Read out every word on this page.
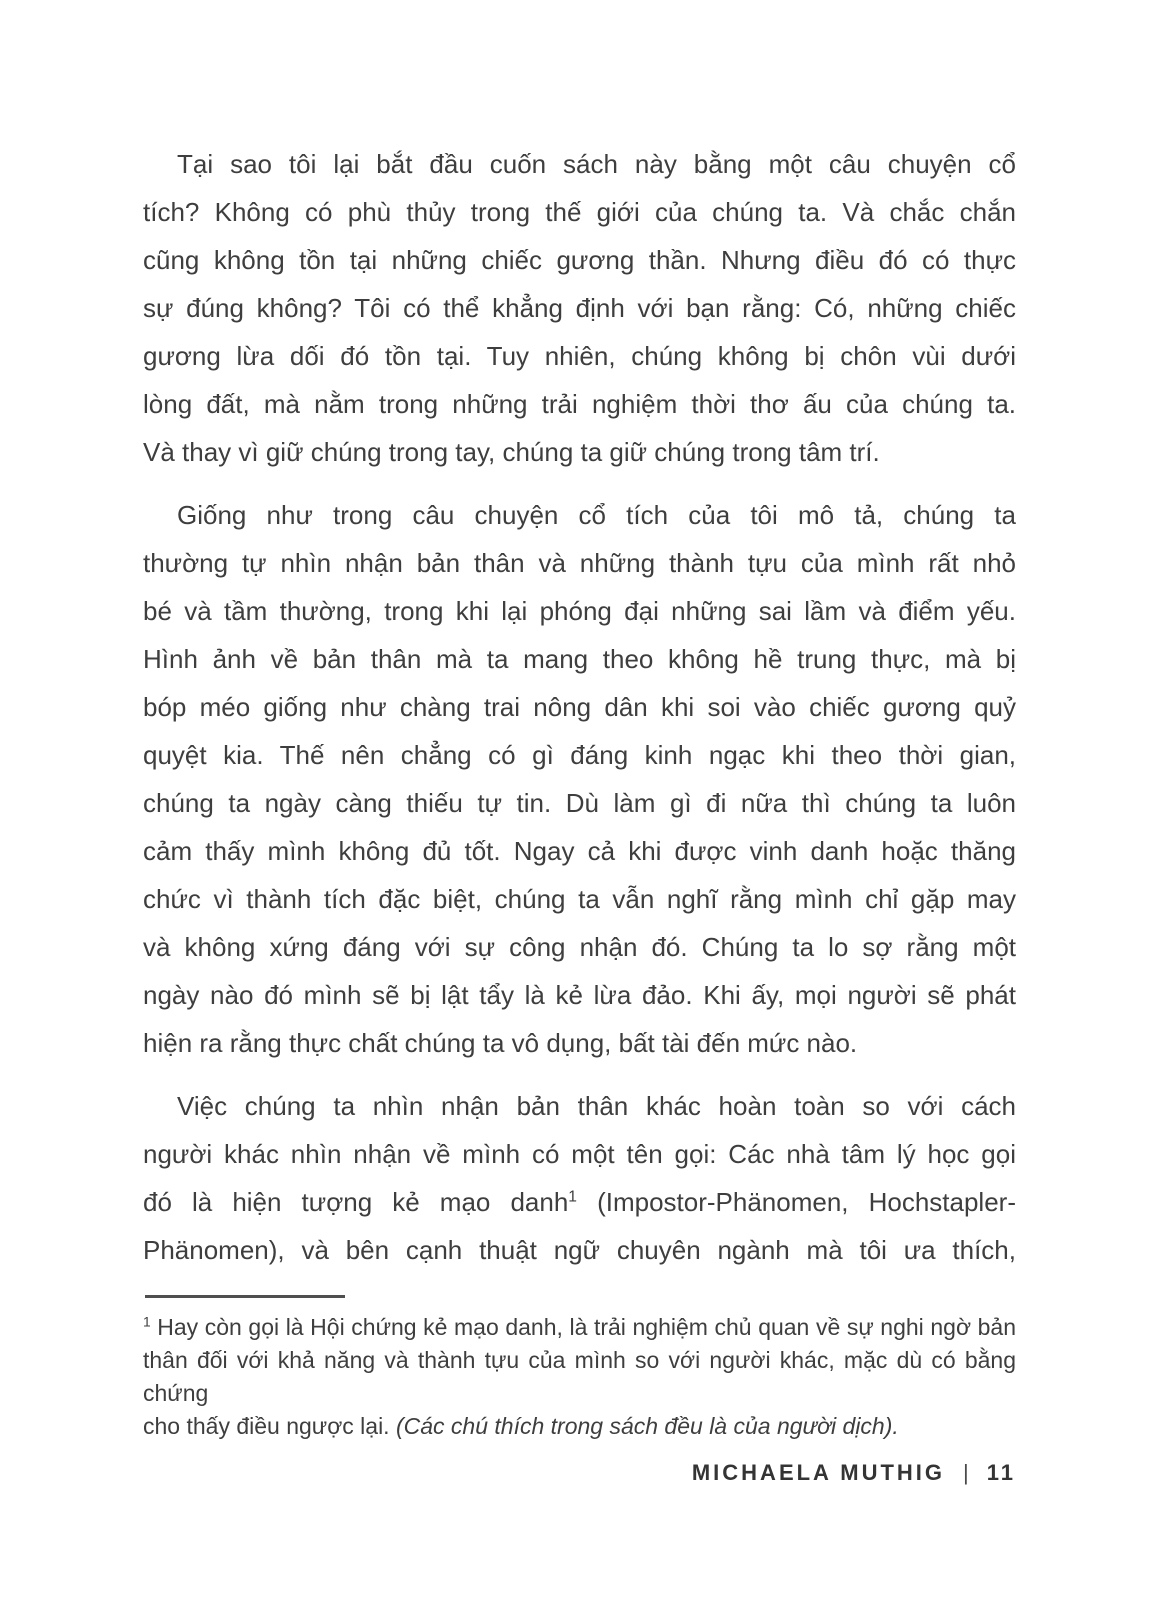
Tại sao tôi lại bắt đầu cuốn sách này bằng một câu chuyện cổ
tích? Không có phù thủy trong thế giới của chúng ta. Và chắc chắn
cũng không tồn tại những chiếc gương thần. Nhưng điều đó có thực
sự đúng không? Tôi có thể khẳng định với bạn rằng: Có, những chiếc
gương lừa dối đó tồn tại. Tuy nhiên, chúng không bị chôn vùi dưới
lòng đất, mà nằm trong những trải nghiệm thời thơ ấu của chúng ta.
Và thay vì giữ chúng trong tay, chúng ta giữ chúng trong tâm trí.

Giống như trong câu chuyện cổ tích của tôi mô tả, chúng ta
thường tự nhìn nhận bản thân và những thành tựu của mình rất nhỏ
bé và tầm thường, trong khi lại phóng đại những sai lầm và điểm yếu.
Hình ảnh về bản thân mà ta mang theo không hề trung thực, mà bị
bóp méo giống như chàng trai nông dân khi soi vào chiếc gương quỷ
quyệt kia. Thế nên chẳng có gì đáng kinh ngạc khi theo thời gian,
chúng ta ngày càng thiếu tự tin. Dù làm gì đi nữa thì chúng ta luôn
cảm thấy mình không đủ tốt. Ngay cả khi được vinh danh hoặc thăng
chức vì thành tích đặc biệt, chúng ta vẫn nghĩ rằng mình chỉ gặp may
và không xứng đáng với sự công nhận đó. Chúng ta lo sợ rằng một
ngày nào đó mình sẽ bị lật tẩy là kẻ lừa đảo. Khi ấy, mọi người sẽ phát
hiện ra rằng thực chất chúng ta vô dụng, bất tài đến mức nào.

Việc chúng ta nhìn nhận bản thân khác hoàn toàn so với cách
người khác nhìn nhận về mình có một tên gọi: Các nhà tâm lý học gọi
đó là hiện tượng kẻ mạo danh$^1$ (Impostor-Phänomen, Hochstapler-
Phänomen), và bên cạnh thuật ngữ chuyên ngành mà tôi ưa thích,

$^1$ Hay còn gọi là Hội chứng kẻ mạo danh, là trải nghiệm chủ quan về sự nghi ngờ bản
thân đối với khả năng và thành tựu của mình so với người khác, mặc dù có bằng chứng
cho thấy điều ngược lại. (Các chú thích trong sách đều là của người dịch).
MICHAELA MUTHIG | 11
